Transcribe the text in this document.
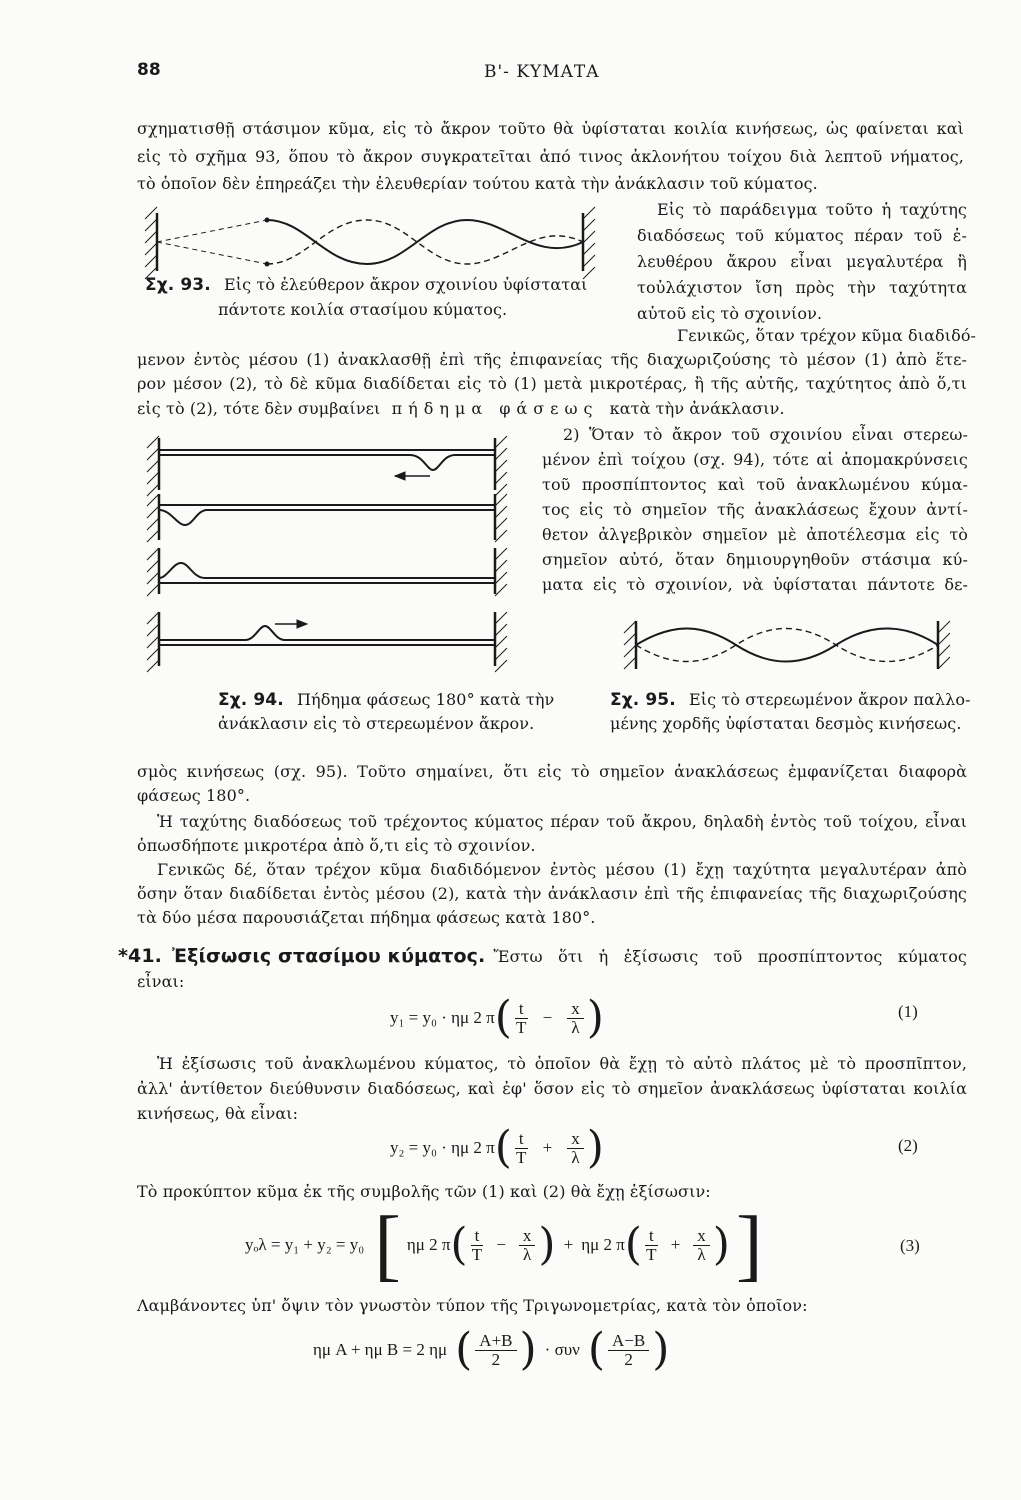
88	Β'- ΚΥΜΑΤΑ
σχηματισθῇ στάσιμον κῦμα, εἰς τὸ ἄκρον τοῦτο θὰ ὑφίσταται κοιλία κινήσεως, ὡς φαίνεται καὶ
εἰς τὸ σχῆμα 93, ὅπου τὸ ἄκρον συγκρατεῖται ἀπό τινος ἀκλονήτου τοίχου διὰ λεπτοῦ νήματος,
τὸ ὁποῖον δὲν ἐπηρεάζει τὴν ἐλευθερίαν τούτου κατὰ τὴν ἀνάκλασιν τοῦ κύματος.
Εἰς τὸ παράδειγμα τοῦτο ἡ ταχύτης
διαδόσεως τοῦ κύματος πέραν τοῦ ἐ-
λευθέρου ἄκρου εἶναι μεγαλυτέρα ἢ
τοὐλάχιστον ἴση πρὸς τὴν ταχύτητα
αὐτοῦ εἰς τὸ σχοινίον.
Σχ. 93. Εἰς τὸ ἐλεύθερον ἄκρον σχοινίου ὑφίσταται
πάντοτε κοιλία στασίμου κύματος.
Γενικῶς, ὅταν τρέχον κῦμα διαδιδό-
μενον ἐντὸς μέσου (1) ἀνακλασθῇ ἐπὶ τῆς ἐπιφανείας τῆς διαχωριζούσης τὸ μέσον (1) ἀπὸ ἕτε-
ρον μέσον (2), τὸ δὲ κῦμα διαδίδεται εἰς τὸ (1) μετὰ μικροτέρας, ἢ τῆς αὐτῆς, ταχύτητος ἀπὸ ὅ,τι
εἰς τὸ (2), τότε δὲν συμβαίνει πήδημα φάσεως κατὰ τὴν ἀνάκλασιν.
Σχ. 94. Πήδημα φάσεως 180° κατὰ τὴν
ἀνάκλασιν εἰς τὸ στερεωμένον ἄκρον.
2) Ὅταν τὸ ἄκρον τοῦ σχοινίου εἶναι στερεω-
μένον ἐπὶ τοίχου (σχ. 94), τότε αἱ ἀπομακρύνσεις
τοῦ προσπίπτοντος καὶ τοῦ ἀνακλωμένου κύμα-
τος εἰς τὸ σημεῖον τῆς ἀνακλάσεως ἔχουν ἀντί-
θετον ἀλγεβρικὸν σημεῖον μὲ ἀποτέλεσμα εἰς τὸ
σημεῖον αὐτό, ὅταν δημιουργηθοῦν στάσιμα κύ-
ματα εἰς τὸ σχοινίον, νὰ ὑφίσταται πάντοτε δε-
Σχ. 95. Εἰς τὸ στερεωμένον ἄκρον παλλο-
μένης χορδῆς ὑφίσταται δεσμὸς κινήσεως.
σμὸς κινήσεως (σχ. 95). Τοῦτο σημαίνει, ὅτι εἰς τὸ σημεῖον ἀνακλάσεως ἐμφανίζεται διαφορὰ
φάσεως 180°.
Ἡ ταχύτης διαδόσεως τοῦ τρέχοντος κύματος πέραν τοῦ ἄκρου, δηλαδὴ ἐντὸς τοῦ τοίχου, εἶναι
ὁπωσδήποτε μικροτέρα ἀπὸ ὅ,τι εἰς τὸ σχοινίον.
Γενικῶς δέ, ὅταν τρέχον κῦμα διαδιδόμενον ἐντὸς μέσου (1) ἔχῃ ταχύτητα μεγαλυτέραν ἀπὸ
ὅσην ὅταν διαδίδεται ἐντὸς μέσου (2), κατὰ τὴν ἀνάκλασιν ἐπὶ τῆς ἐπιφανείας τῆς διαχωριζούσης
τὰ δύο μέσα παρουσιάζεται πήδημα φάσεως κατὰ 180°.
*41. Ἐξίσωσις στασίμου κύματος. Ἔστω ὅτι ἡ ἐξίσωσις τοῦ προσπίπτοντος κύματος
εἶναι:
y₁ = y₀ · ημ 2 π ( $\frac{t}{T} - \frac{x}{\lambda}$ )	(1)
Ἡ ἐξίσωσις τοῦ ἀνακλωμένου κύματος, τὸ ὁποῖον θὰ ἔχῃ τὸ αὐτὸ πλάτος μὲ τὸ προσπῖπτον,
ἀλλ' ἀντίθετον διεύθυνσιν διαδόσεως, καὶ ἐφ' ὅσον εἰς τὸ σημεῖον ἀνακλάσεως ὑφίσταται κοιλία
κινήσεως, θὰ εἶναι:
y₂ = y₀ · ημ 2 π ( $\frac{t}{T} + \frac{x}{\lambda}$ )	(2)
Τὸ προκύπτον κῦμα ἐκ τῆς συμβολῆς τῶν (1) καὶ (2) θὰ ἔχῃ ἐξίσωσιν:
yₒλ = y₁ + y₂ = y₀ [ ημ 2 π ( $\frac{t}{T} - \frac{x}{\lambda}$ ) + ημ 2 π ( $\frac{t}{T} + \frac{x}{\lambda}$ ) ]	(3)
Λαμβάνοντες ὑπ' ὄψιν τὸν γνωστὸν τύπον τῆς Τριγωνομετρίας, κατὰ τὸν ὁποῖον:
ημ A + ημ B = 2 ημ ( $\frac{A+B}{2}$ ) · συν ( $\frac{A-B}{2}$ )
